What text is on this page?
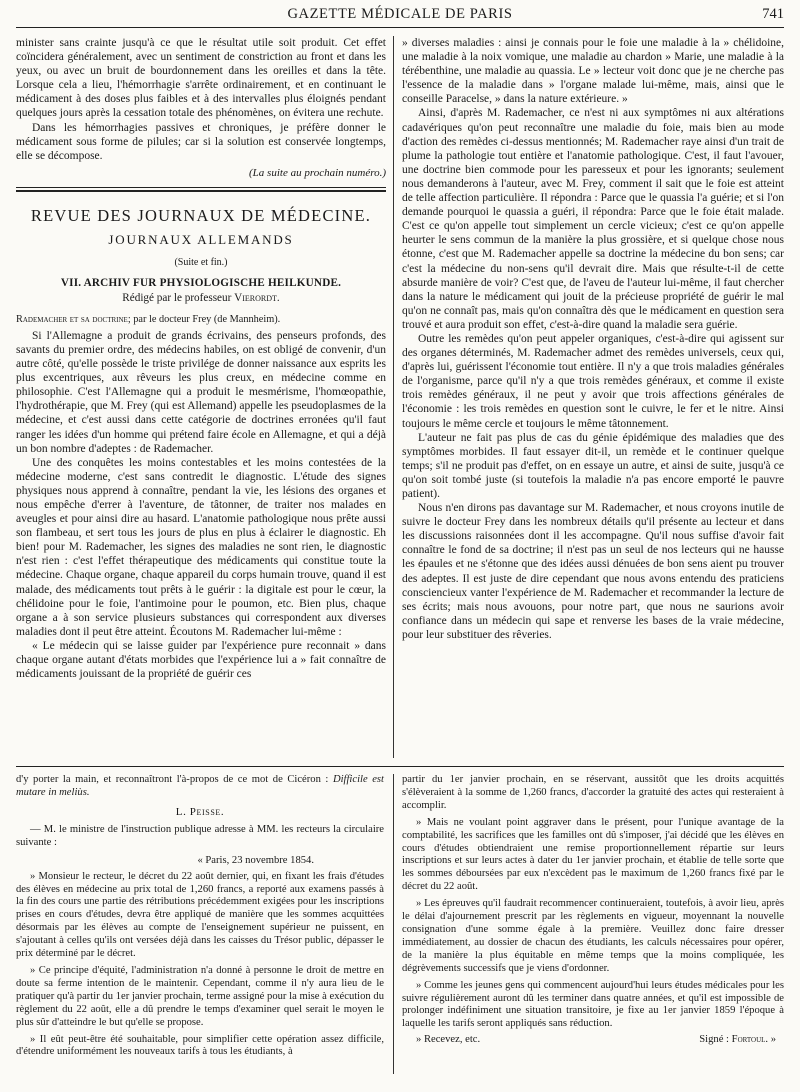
GAZETTE MÉDICALE DE PARIS	741

minister sans crainte jusqu'à ce que le résultat utile soit produit. Cet effet coïncidera généralement, avec un sentiment de constriction au front et dans les yeux, ou avec un bruit de bourdonnement dans les oreilles et dans la tête. Lorsque cela a lieu, l'hémorrhagie s'arrête ordinairement, et en continuant le médicament à des doses plus faibles et à des intervalles plus éloignés pendant quelques jours après la cessation totale des phénomènes, on évitera une rechute.

Dans les hémorrhagies passives et chroniques, je préfère donner le médicament sous forme de pilules; car si la solution est conservée longtemps, elle se décompose.

(La suite au prochain numéro.)
REVUE DES JOURNAUX DE MÉDECINE.
JOURNAUX ALLEMANDS
(Suite et fin.)
VII. ARCHIV FUR PHYSIOLOGISCHE HEILKUNDE.
Rédigé par le professeur Vierordt.
Rademacher et sa doctrine; par le docteur Frey (de Mannheim).

Si l'Allemagne a produit de grands écrivains, des penseurs profonds, des savants du premier ordre, des médecins habiles, on est obligé de convenir, d'un autre côté, qu'elle possède le triste privilége de donner naissance aux esprits les plus excentriques, aux rêveurs les plus creux, en médecine comme en philosophie. C'est l'Allemagne qui a produit le mesmérisme, l'homœopathie, l'hydrothérapie, que M. Frey (qui est Allemand) appelle les pseudoplasmes de la médecine, et c'est aussi dans cette catégorie de doctrines erronées qu'il faut ranger les idées d'un homme qui prétend faire école en Allemagne, et qui a déjà un bon nombre d'adeptes : de Rademacher.

Une des conquêtes les moins contestables et les moins contestées de la médecine moderne, c'est sans contredit le diagnostic. L'étude des signes physiques nous apprend à connaître, pendant la vie, les lésions des organes et nous empêche d'errer à l'aventure, de tâtonner, de traiter nos malades en aveugles et pour ainsi dire au hasard. L'anatomie pathologique nous prête aussi son flambeau, et sert tous les jours de plus en plus à éclairer le diagnostic. Eh bien! pour M. Rademacher, les signes des maladies ne sont rien, le diagnostic n'est rien : c'est l'effet thérapeutique des médicaments qui constitue toute la médecine. Chaque organe, chaque appareil du corps humain trouve, quand il est malade, des médicaments tout prêts à le guérir : la digitale est pour le cœur, la chélidoine pour le foie, l'antimoine pour le poumon, etc. Bien plus, chaque organe a à son service plusieurs substances qui correspondent aux diverses maladies dont il peut être atteint. Écoutons M. Rademacher lui-même :

« Le médecin qui se laisse guider par l'expérience pure reconnait » dans chaque organe autant d'états morbides que l'expérience lui a » fait connaître de médicaments jouissant de la propriété de guérir ces

» diverses maladies : ainsi je connais pour le foie une maladie à la » chélidoine, une maladie à la noix vomique, une maladie au chardon » Marie, une maladie à la térébenthine, une maladie au quassia. Le » lecteur voit donc que je ne cherche pas l'essence de la maladie dans » l'organe malade lui-même, mais, ainsi que le conseille Paracelse, » dans la nature extérieure. »

Ainsi, d'après M. Rademacher, ce n'est ni aux symptômes ni aux altérations cadavériques qu'on peut reconnaître une maladie du foie, mais bien au mode d'action des remèdes ci-dessus mentionnés; M. Rademacher raye ainsi d'un trait de plume la pathologie tout entière et l'anatomie pathologique. C'est, il faut l'avouer, une doctrine bien commode pour les paresseux et pour les ignorants; seulement nous demanderons à l'auteur, avec M. Frey, comment il sait que le foie est atteint de telle affection particulière. Il répondra : Parce que le quassia l'a guérie; et si l'on demande pourquoi le quassia a guéri, il répondra: Parce que le foie était malade. C'est ce qu'on appelle tout simplement un cercle vicieux; c'est ce qu'on appelle heurter le sens commun de la manière la plus grossière, et si quelque chose nous étonne, c'est que M. Rademacher appelle sa doctrine la médecine du bon sens; car c'est la médecine du non-sens qu'il devrait dire. Mais que résulte-t-il de cette absurde manière de voir? C'est que, de l'aveu de l'auteur lui-même, il faut chercher dans la nature le médicament qui jouit de la précieuse propriété de guérir le mal qu'on ne connaît pas, mais qu'on connaîtra dès que le médicament en question sera trouvé et aura produit son effet, c'est-à-dire quand la maladie sera guérie.

Outre les remèdes qu'on peut appeler organiques, c'est-à-dire qui agissent sur des organes déterminés, M. Rademacher admet des remèdes universels, ceux qui, d'après lui, guérissent l'économie tout entière. Il n'y a que trois maladies générales de l'organisme, parce qu'il n'y a que trois remèdes généraux, et comme il existe trois remèdes généraux, il ne peut y avoir que trois affections générales de l'économie : les trois remèdes en question sont le cuivre, le fer et le nitre. Ainsi toujours le même cercle et toujours le même tâtonnement.

L'auteur ne fait pas plus de cas du génie épidémique des maladies que des symptômes morbides. Il faut essayer dit-il, un remède et le continuer quelque temps; s'il ne produit pas d'effet, on en essaye un autre, et ainsi de suite, jusqu'à ce qu'on soit tombé juste (si toutefois la maladie n'a pas encore emporté le pauvre patient).

Nous n'en dirons pas davantage sur M. Rademacher, et nous croyons inutile de suivre le docteur Frey dans les nombreux détails qu'il présente au lecteur et dans les discussions raisonnées dont il les accompagne. Qu'il nous suffise d'avoir fait connaître le fond de sa doctrine; il n'est pas un seul de nos lecteurs qui ne hausse les épaules et ne s'étonne que des idées aussi dénuées de bon sens aient pu trouver des adeptes. Il est juste de dire cependant que nous avons entendu des praticiens consciencieux vanter l'expérience de M. Rademacher et recommander la lecture de ses écrits; mais nous avouons, pour notre part, que nous ne saurions avoir confiance dans un médecin qui sape et renverse les bases de la vraie médecine, pour leur substituer des rêveries.

d'y porter la main, et reconnaîtront l'à-propos de ce mot de Cicéron : Difficile est mutare in meliùs.

L. Peisse.

— M. le ministre de l'instruction publique adresse à MM. les recteurs la circulaire suivante :

« Paris, 23 novembre 1854.

» Monsieur le recteur, le décret du 22 août dernier, qui, en fixant les frais d'études des élèves en médecine au prix total de 1,260 francs, a reporté aux examens passés à la fin des cours une partie des rétributions précédemment exigées pour les inscriptions prises en cours d'études, devra être appliqué de manière que les sommes acquittées désormais par les élèves au compte de l'enseignement supérieur ne puissent, en s'ajoutant à celles qu'ils ont versées déjà dans les caisses du Trésor public, dépasser le prix déterminé par le décret.

» Ce principe d'équité, l'administration n'a donné à personne le droit de mettre en doute sa ferme intention de le maintenir. Cependant, comme il n'y aura lieu de le pratiquer qu'à partir du 1er janvier prochain, terme assigné pour la mise à exécution du règlement du 22 août, elle a dû prendre le temps d'examiner quel serait le moyen le plus sûr d'atteindre le but qu'elle se propose.

» Il eût peut-être été souhaitable, pour simplifier cette opération assez difficile, d'étendre uniformément les nouveaux tarifs à tous les étudiants, à

partir du 1er janvier prochain, en se réservant, aussitôt que les droits acquittés s'élèveraient à la somme de 1,260 francs, d'accorder la gratuité des actes qui resteraient à accomplir.

» Mais ne voulant point aggraver dans le présent, pour l'unique avantage de la comptabilité, les sacrifices que les familles ont dû s'imposer, j'ai décidé que les élèves en cours d'études obtiendraient une remise proportionnellement répartie sur leurs inscriptions et sur leurs actes à dater du 1er janvier prochain, et établie de telle sorte que les sommes déboursées par eux n'excèdent pas le maximum de 1,260 francs fixé par le décret du 22 août.

» Les épreuves qu'il faudrait recommencer continueraient, toutefois, à avoir lieu, après le délai d'ajournement prescrit par les règlements en vigueur, moyennant la nouvelle consignation d'une somme égale à la première. Veuillez donc faire dresser immédiatement, au dossier de chacun des étudiants, les calculs nécessaires pour opérer, de la manière la plus équitable en même temps que la moins compliquée, les dégrèvements successifs que je viens d'ordonner.

» Comme les jeunes gens qui commencent aujourd'hui leurs études médicales pour les suivre régulièrement auront dû les terminer dans quatre années, et qu'il est impossible de prolonger indéfiniment une situation transitoire, je fixe au 1er janvier 1859 l'époque à laquelle les tarifs seront appliqués sans réduction.

» Recevez, etc.	Signé : Fortoul. »
